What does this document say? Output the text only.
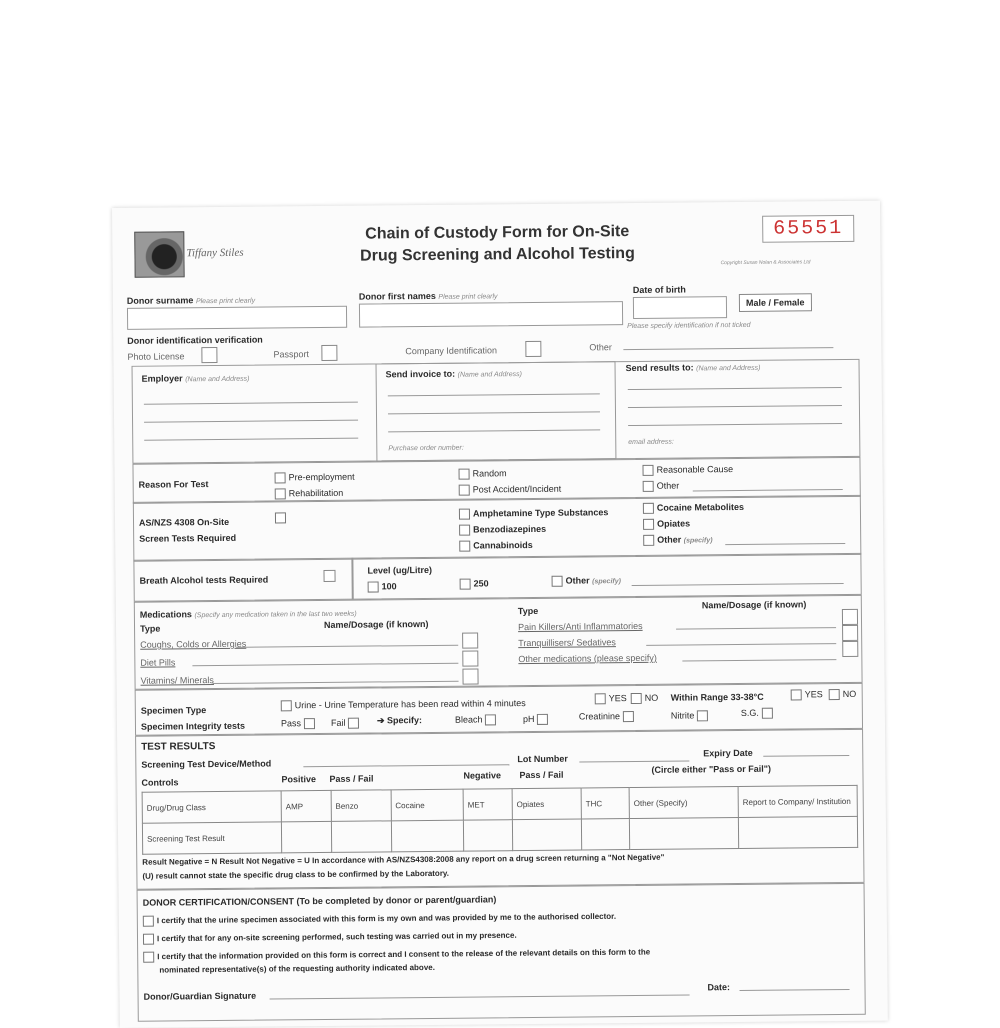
Tiffany Stiles
Chain of Custody Form for On-Site
Drug Screening and Alcohol Testing
65551
Copyright Susan Nolan & Associates Ltd
Donor surname Please print clearly	Donor first names Please print clearly
Date of birth
Male / Female
Donor identification verification
Please specify identification if not ticked
Photo License	Passport	Company Identification	Other
Employer (Name and Address)
Send invoice to: (Name and Address)
Purchase order number:
Send results to: (Name and Address)
email address:
Reason For Test
Pre-employment
Rehabilitation
Random
Post Accident/Incident
Reasonable Cause
Other
AS/NZS 4308 On-Site
Screen Tests Required
Amphetamine Type Substances
Benzodiazepines
Cannabinoids
Cocaine Metabolites
Opiates
Other (specify)
Breath Alcohol tests Required
Level (ug/Litre)
100	250	Other (specify)
Medications (Specify any medication taken in the last two weeks)
Type	Name/Dosage (if known)
Coughs, Colds or Allergies
Diet Pills
Vitamins/ Minerals
Type
Name/Dosage (if known)
Pain Killers/Anti Inflammatories
Tranquillisers/ Sedatives
Other medications (please specify)
Specimen Type
Urine - Urine Temperature has been read within 4 minutes	YES	NO Within Range 33-38°C	YES	NO
Specimen Integrity tests	Pass	Fail	➔ Specify:	Bleach	pH	Creatinine	Nitrite	S.G.
TEST RESULTS
Screening Test Device/Method	Lot Number
Expiry Date
Controls	Positive Pass / Fail	Negative Pass / Fail
(Circle either "Pass or Fail")
Drug/Drug Class	AMP	Benzo	Cocaine	MET	Opiates	THC	Other (Specify)	Report to Company/ Institution
Screening Test Result								
Result Negative = N Result Not Negative = U In accordance with AS/NZS4308:2008 any report on a drug screen returning a "Not Negative"
(U) result cannot state the specific drug class to be confirmed by the Laboratory.
DONOR CERTIFICATION/CONSENT (To be completed by donor or parent/guardian)
I certify that the urine specimen associated with this form is my own and was provided by me to the authorised collector.
I certify that for any on-site screening performed, such testing was carried out in my presence.
I certify that the information provided on this form is correct and I consent to the release of the relevant details on this form to the
nominated representative(s) of the requesting authority indicated above.
Donor/Guardian Signature
Date:
